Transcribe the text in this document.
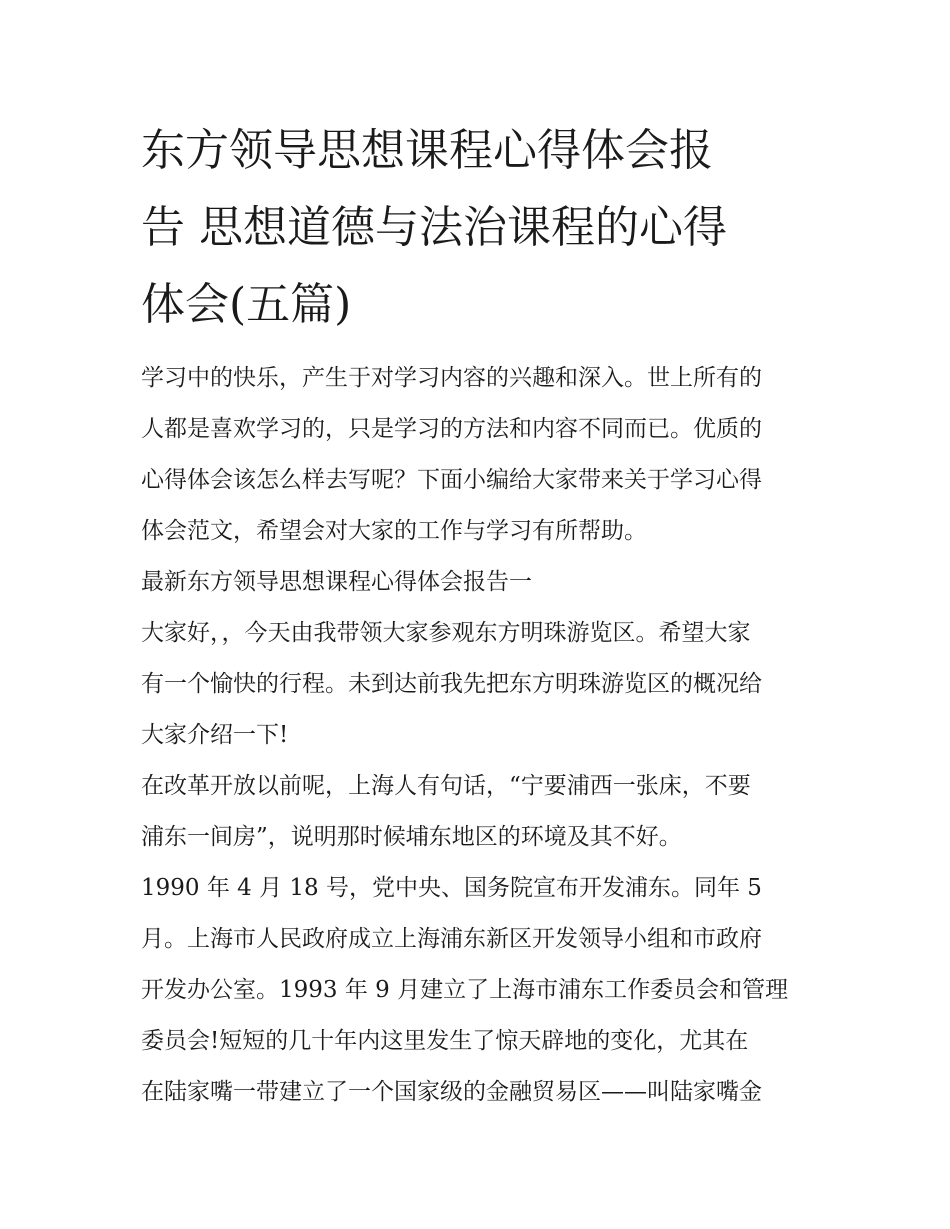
东方领导思想课程心得体会报
告 思想道德与法治课程的心得
体会(五篇)

学习中的快乐，产生于对学习内容的兴趣和深入。世上所有的
人都是喜欢学习的，只是学习的方法和内容不同而已。优质的
心得体会该怎么样去写呢？下面小编给大家带来关于学习心得
体会范文，希望会对大家的工作与学习有所帮助。

最新东方领导思想课程心得体会报告一

大家好，，今天由我带领大家参观东方明珠游览区。希望大家
有一个愉快的行程。未到达前我先把东方明珠游览区的概况给
大家介绍一下!

在改革开放以前呢，上海人有句话，“宁要浦西一张床，不要
浦东一间房”，说明那时候埔东地区的环境及其不好。

1990 年 4 月 18 号，党中央、国务院宣布开发浦东。同年 5
月。上海市人民政府成立上海浦东新区开发领导小组和市政府
开发办公室。1993 年 9 月建立了上海市浦东工作委员会和管理
委员会!短短的几十年内这里发生了惊天辟地的变化，尤其在
在陆家嘴一带建立了一个国家级的金融贸易区——叫陆家嘴金
